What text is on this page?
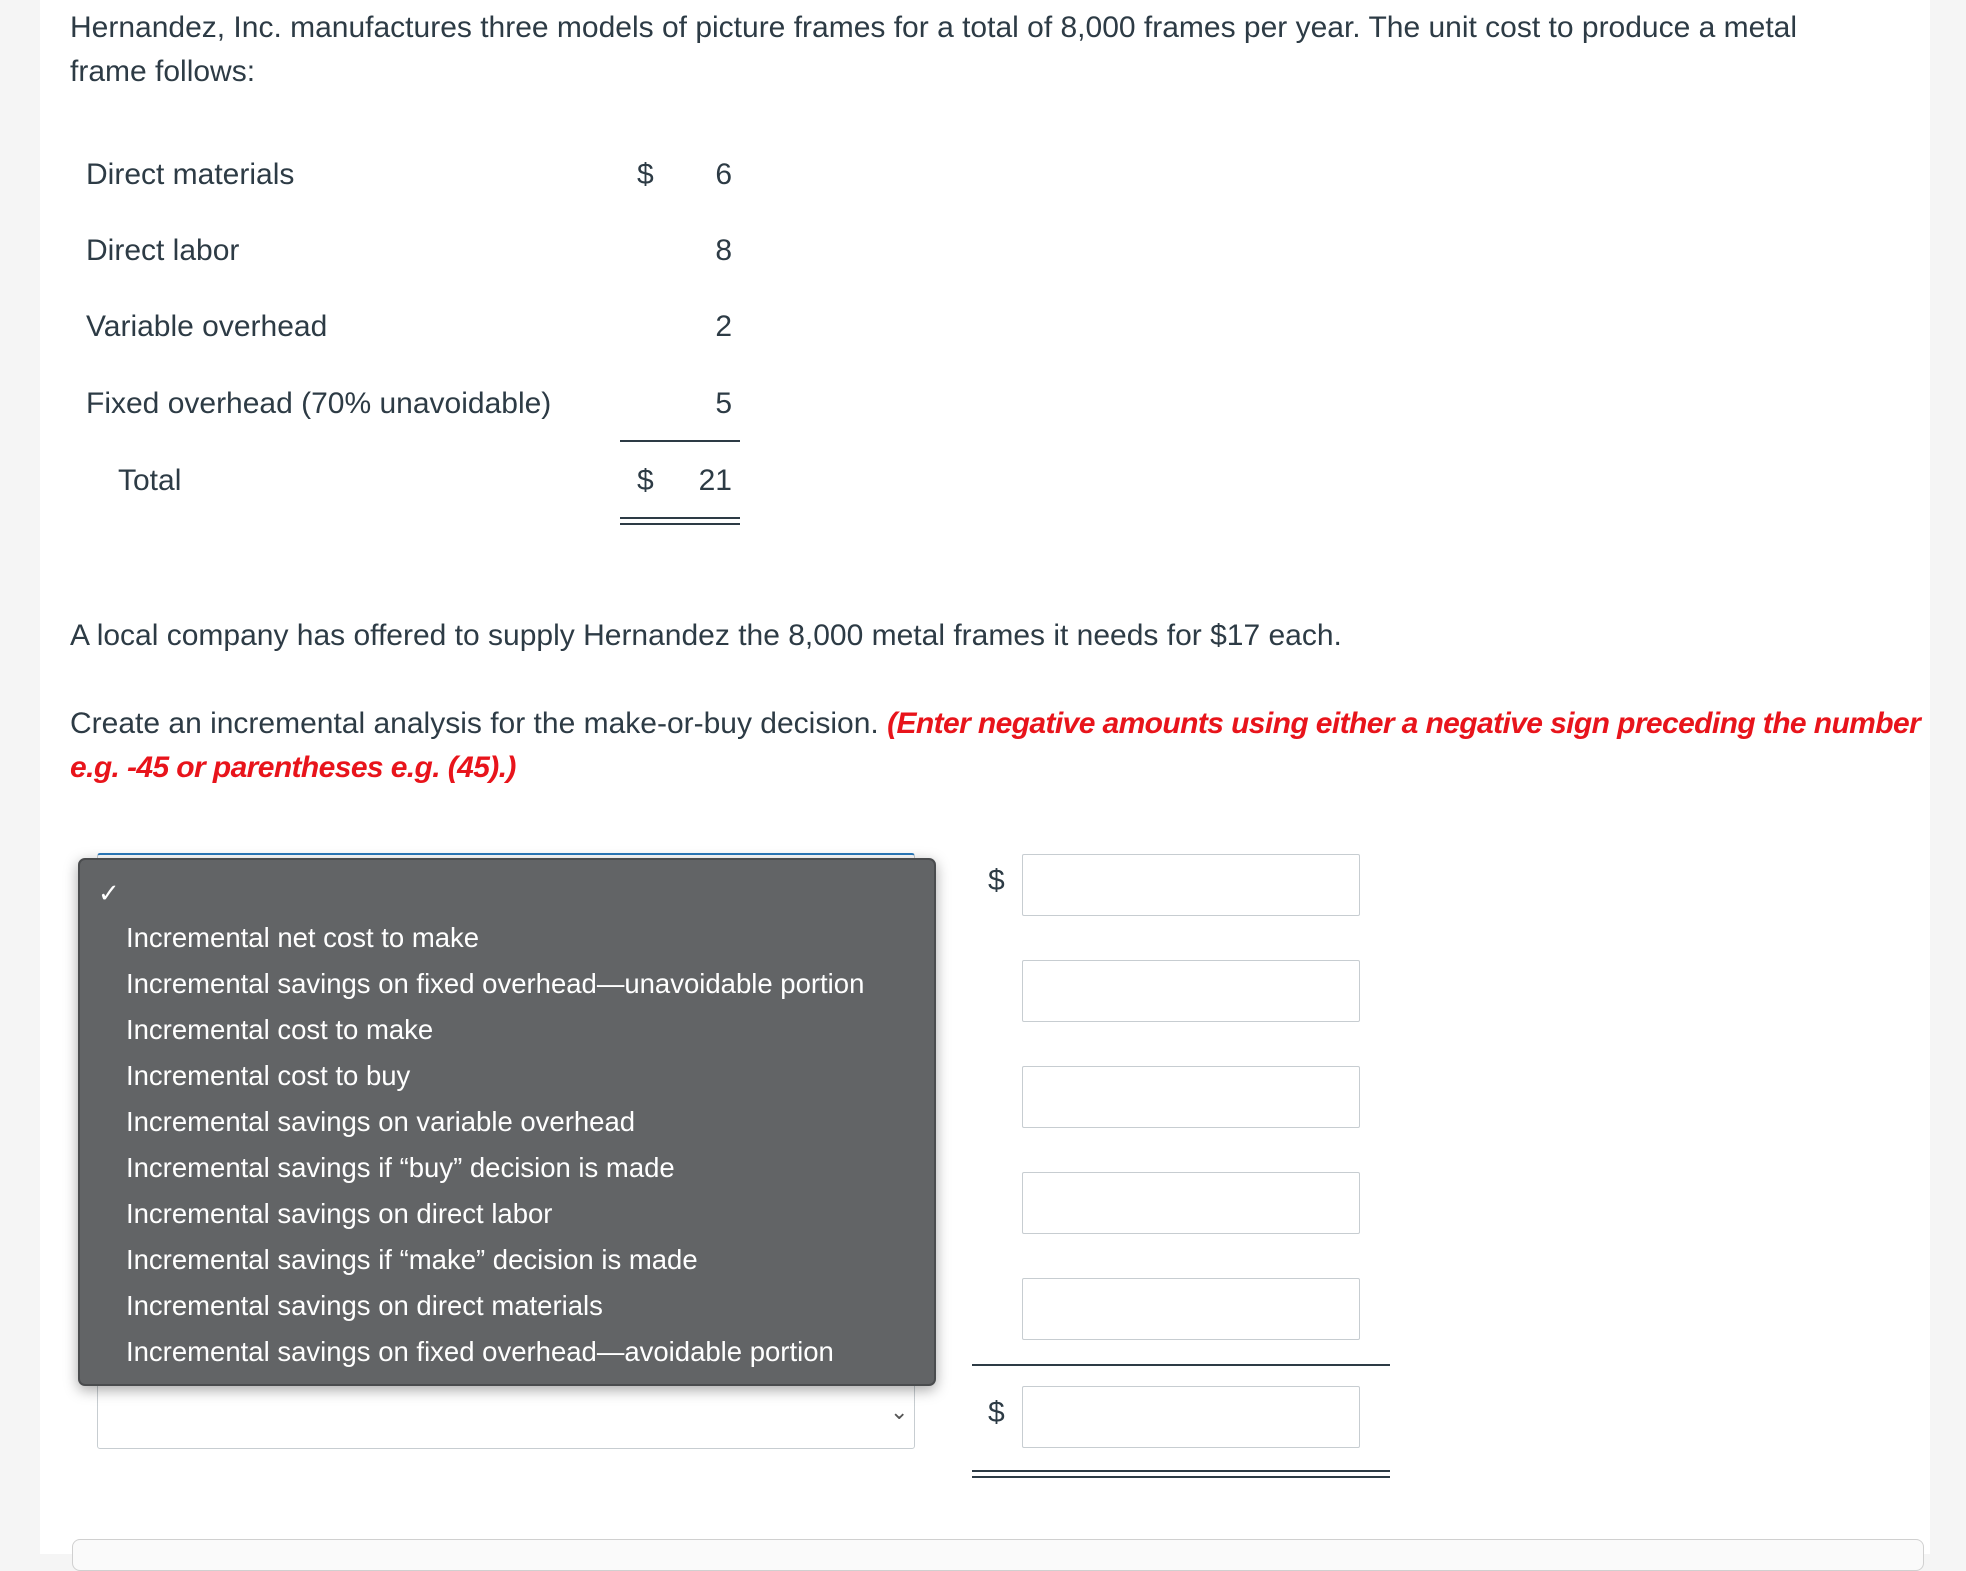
Hernandez, Inc. manufactures three models of picture frames for a total of 8,000 frames per year. The unit cost to produce a metal
frame follows:
Direct materials	$	6
Direct labor	8
Variable overhead	2
Fixed overhead (70% unavoidable)	5
Total	$	21
A local company has offered to supply Hernandez the 8,000 metal frames it needs for $17 each.
Create an incremental analysis for the make-or-buy decision. (Enter negative amounts using either a negative sign preceding the number
e.g. -45 or parentheses e.g. (45).)
⌄
$
$
✓
Incremental net cost to make
Incremental savings on fixed overhead—unavoidable portion
Incremental cost to make
Incremental cost to buy
Incremental savings on variable overhead
Incremental savings if “buy” decision is made
Incremental savings on direct labor
Incremental savings if “make” decision is made
Incremental savings on direct materials
Incremental savings on fixed overhead—avoidable portion
